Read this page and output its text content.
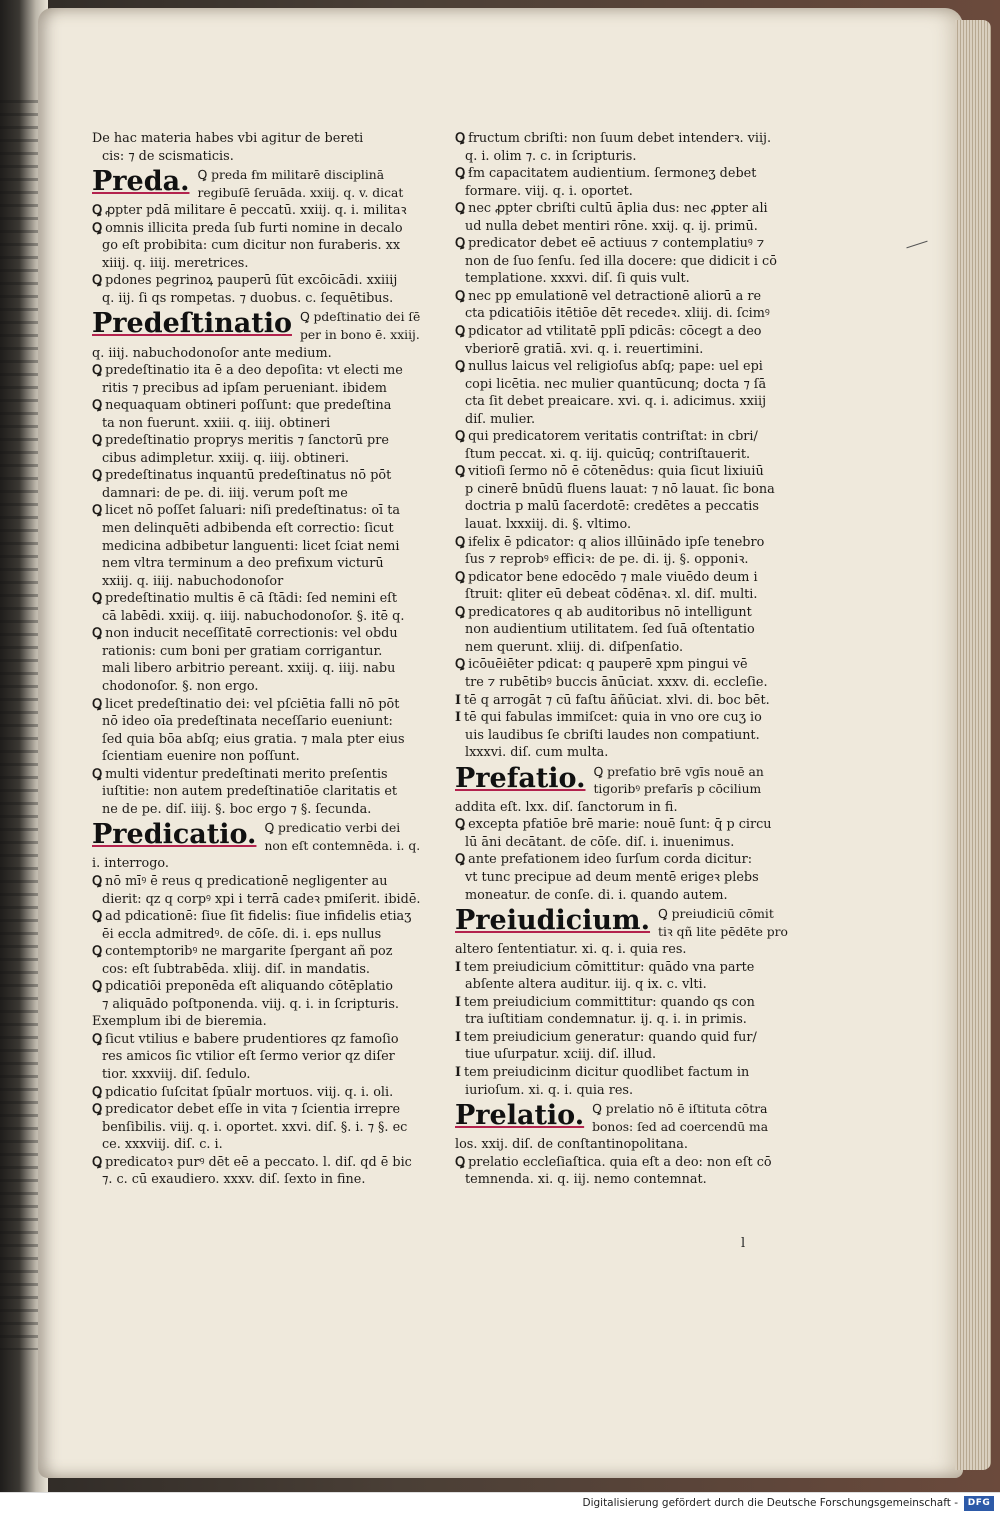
De hac materia habes vbi agitur de bereti
cis: ⁊ de scismaticis.
Preda. Ꝗ preda ẜm militarē disciplinā
regibuſē ſeruāda. xxiij. q. v. dicat
Ꝗ ꝓpter pdā militare ē peccatū. xxiij. q. i. militaꝛ
Ꝗ omnis illicita preda ſub furti nomine in decalo
go eſt probibita: cum dicitur non furaberis. xx
xiiij. q. iiij. meretrices.
Ꝗ pdones pegrinoꝝ pauperū ſūt excōicādi. xxiiij
q. iij. ſi qs rompetas. ⁊ duobus. c. ſequētibus.
Predeſtinatio Ꝗ pdeſtinatio dei ſē
per in bono ē. xxiij.
q. iiij. nabuchodonoſor ante medium.
Ꝗ predeſtinatio ita ē a deo depoſita: vt electi me
ritis ⁊ precibus ad ipſam perueniant. ibidem
Ꝗ nequaquam obtineri poſſunt: que predeſtina
ta non fuerunt. xxiii. q. iiij. obtineri
Ꝗ predeſtinatio proprys meritis ⁊ ſanctorū pre
cibus adimpletur. xxiij. q. iiij. obtineri.
Ꝗ predeſtinatus inquantū predeſtinatus nō pōt
damnari: de pe. di. iiij. verum poſt me
Ꝗ licet nō poſſet ſaluari: niſi predeſtinatus: oī ta
men delinquēti adbibenda eſt correctio: ſicut
medicina adbibetur languenti: licet ſciat nemi
nem vltra terminum a deo prefixum victurū
xxiij. q. iiij. nabuchodonoſor
Ꝗ predeſtinatio multis ē cā ſtādi: ſed nemini eſt
cā labēdi. xxiij. q. iiij. nabuchodonoſor. §. itē q.
Ꝗ non inducit neceſſitatē correctionis: vel obdu
rationis: cum boni per gratiam corrigantur.
mali libero arbitrio pereant. xxiij. q. iiij. nabu
chodonoſor. §. non ergo.
Ꝗ licet predeſtinatio dei: vel pſciētia falli nō pōt
nō ideo oīa predeſtinata neceſſario eueniunt:
ſed quia bōa abſq; eius gratia. ⁊ mala pter eius
ſcientiam euenire non poſſunt.
Ꝗ multi videntur predeſtinati merito preſentis
iuſtitie: non autem predeſtinatiōe claritatis et
ne de pe. diſ. iiij. §. boc ergo ⁊ §. ſecunda.
Predicatio. Ꝗ predicatio verbi dei
non eſt contemnēda. i. q.
i. interrogo.
Ꝗ nō mīꝰ ē reus q predicationē negligenter au
dierit: qz q corpꝰ xpi i terrā cadeꝛ pmiſerit. ibidē.
Ꝗ ad pdicationē: ſiue ſit fidelis: ſiue infidelis etiaʒ
ēi eccla admitredꝰ. de cōſe. di. i. eps nullus
Ꝗ contemptoribꝰ ne margarite ſpergant añ poz
cos: eſt ſubtrabēda. xliij. diſ. in mandatis.
Ꝗ pdicatiōi preponēda eſt aliquando cōtēplatio
⁊ aliquādo poſtponenda. viij. q. i. in ſcripturis.
Exemplum ibi de bieremia.
Ꝗ ſicut vtilius e babere prudentiores qz famoſio
res amicos ſic vtilior eſt ſermo verior qz diſer
tior. xxxviij. diſ. ſedulo.
Ꝗ pdicatio ſuſcitat ſpūalr mortuos. viij. q. i. oli.
Ꝗ predicator debet eſſe in vita ⁊ ſcientia irrepre
benſibilis. viij. q. i. oportet. xxvi. diſ. §. i. ⁊ §. ec
ce. xxxviij. diſ. c. i.
Ꝗ predicatoꝛ purꝰ dēt eē a peccato. l. diſ. qd ē bic
⁊. c. cū exaudiero. xxxv. diſ. ſexto in fine.
Ꝗ fructum cbriſti: non ſuum debet intenderꝛ. viij.
q. i. olim ⁊. c. in ſcripturis.
Ꝗ ẜm capacitatem audientium. ſermoneʒ debet
formare. viij. q. i. oportet.
Ꝗ nec ꝓpter cbriſti cultū āplia dus: nec ꝓpter ali
ud nulla debet mentiri rōne. xxij. q. ij. primū.
Ꝗ predicator debet eē actiuus ⁊ contemplatiuꝰ ⁊
non de ſuo ſenſu. ſed illa docere: que didicit i cō
templatione. xxxvi. diſ. ſi quis vult.
Ꝗ nec pp emulationē vel detractionē aliorū a re
cta pdicatiōis itētiōe dēt recedeꝛ. xliij. di. ſcimꝰ
Ꝗ pdicator ad vtilitatē pplī pdicās: cōcegt a deo
vberiorē gratiā. xvi. q. i. reuertimini.
Ꝗ nullus laicus vel religioſus abſq; pape: uel epi
copi licētia. nec mulier quantūcunq; docta ⁊ ſā
cta ſit debet preaicare. xvi. q. i. adicimus. xxiij
diſ. mulier.
Ꝗ qui predicatorem veritatis contriſtat: in cbri/
ſtum peccat. xi. q. iij. quicūq; contriſtauerit.
Ꝗ vitioſi ſermo nō ē cōtenēdus: quia ſicut lixiuiū
p cinerē bnūdū fluens lauat: ⁊ nō lauat. ſic bona
doctria p malū ſacerdotē: credētes a peccatis
lauat. lxxxiij. di. §. vltimo.
Ꝗ ifelix ē pdicator: q alios illūinādo ipſe tenebro
ſus ⁊ reprobꝰ efficiꝛ: de pe. di. ij. §. opponiꝛ.
Ꝗ pdicator bene edocēdo ⁊ male viuēdo deum i
ſtruit: qliter eū debeat cōdēnaꝛ. xl. diſ. multi.
Ꝗ predicatores q ab auditoribus nō intelligunt
non audientium utilitatem. ſed ſuā oſtentatio
nem querunt. xliij. di. diſpenſatio.
Ꝗ icōuēiēter pdicat: q pauperē xpm pingui vē
tre ⁊ rubētibꝰ buccis ānūciat. xxxv. di. eccleſie.
I tē q arrogāt ⁊ cū faſtu āñūciat. xlvi. di. boc bēt.
I tē qui fabulas immiſcet: quia in vno ore cuʒ io
uis laudibus ſe cbriſti laudes non compatiunt.
lxxxvi. diſ. cum multa.
Prefatio. Ꝗ prefatio brē vgīs nouē an
tigoribꝰ prefarīs p cōcilium
addita eſt. lxx. diſ. ſanctorum in fi.
Ꝗ excepta pfatiōe brē marie: nouē ſunt: q̄ p circu
lū āni decātant. de cōſe. diſ. i. inuenimus.
Ꝗ ante prefationem ideo ſurſum corda dicitur:
vt tunc precipue ad deum mentē erigeꝛ plebs
moneatur. de conſe. di. i. quando autem.
Preiudicium. Ꝗ preiudiciū cōmit
tiꝛ qñ lite pēdēte pro
altero ſententiatur. xi. q. i. quia res.
I tem preiudicium cōmittitur: quādo vna parte
abſente altera auditur. iij. q ix. c. vlti.
I tem preiudicium committitur: quando qs con
tra iuſtitiam condemnatur. ij. q. i. in primis.
I tem preiudicium generatur: quando quid fur/
tiue uſurpatur. xciij. diſ. illud.
I tem preiudicinm dicitur quodlibet factum in
iurioſum. xi. q. i. quia res.
Prelatio. Ꝗ prelatio nō ē iſtituta cōtra
bonos: ſed ad coercendū ma
los. xxij. diſ. de conſtantinopolitana.
Ꝗ prelatio eccleſiaſtica. quia eſt a deo: non eſt cō
temnenda. xi. q. iij. nemo contemnat.
l
Digitalisierung gefördert durch die Deutsche Forschungsgemeinschaft -	DFG
